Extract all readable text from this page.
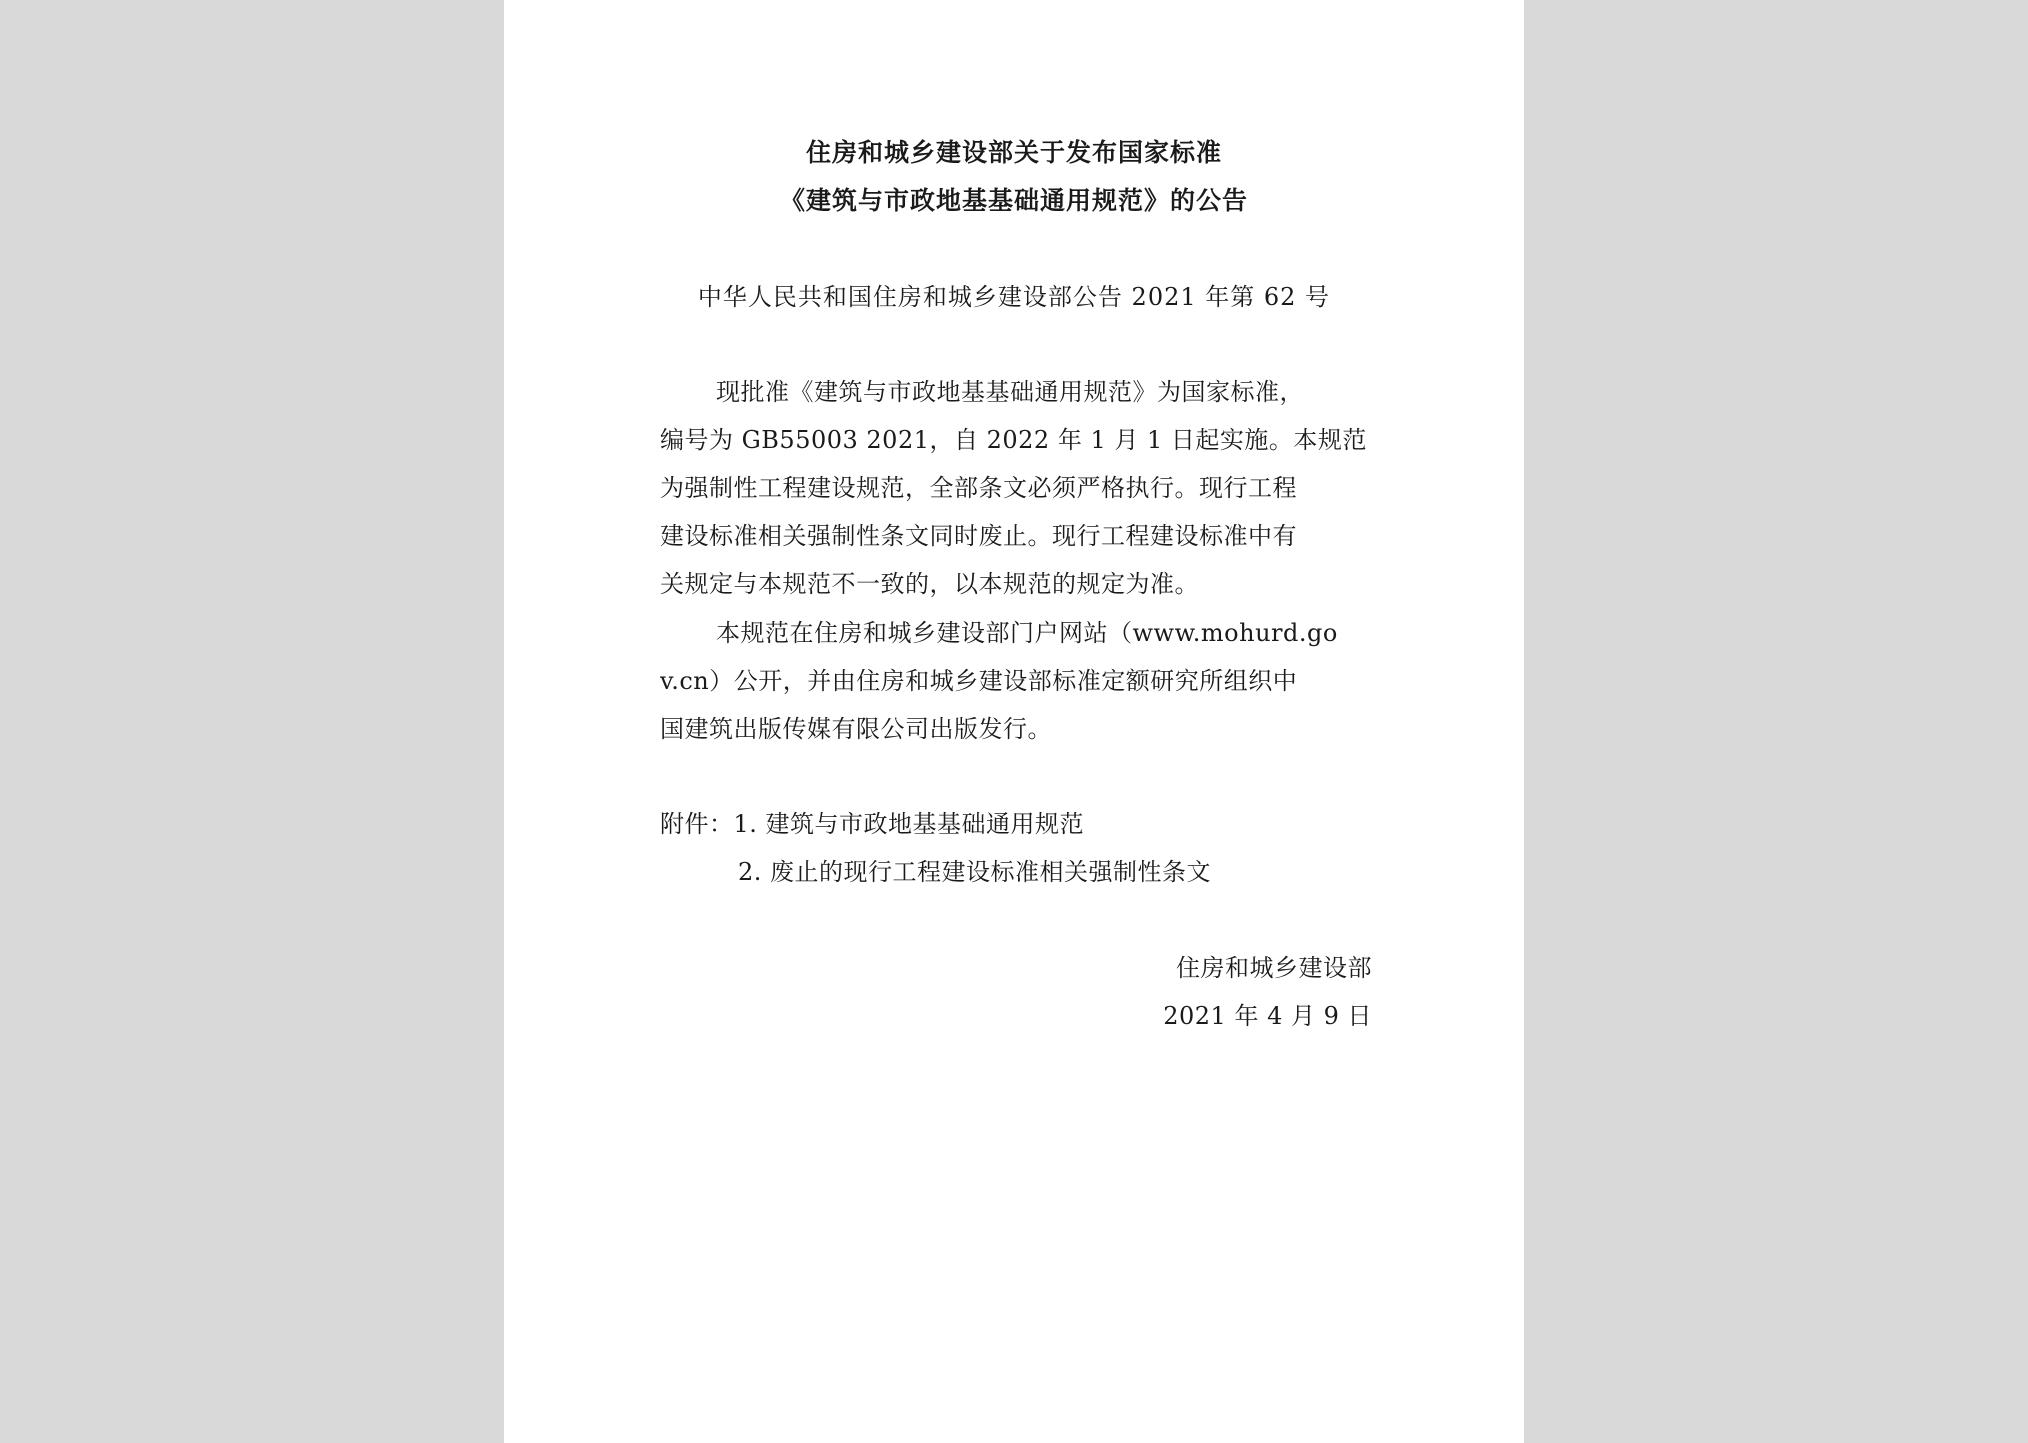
住房和城乡建设部关于发布国家标准
《建筑与市政地基基础通用规范》的公告
中华人民共和国住房和城乡建设部公告 2021 年第 62 号
现批准《建筑与市政地基基础通用规范》为国家标准，
编号为 GB55003 2021，自 2022 年 1 月 1 日起实施。本规范
为强制性工程建设规范，全部条文必须严格执行。现行工程
建设标准相关强制性条文同时废止。现行工程建设标准中有
关规定与本规范不一致的，以本规范的规定为准。
本规范在住房和城乡建设部门户网站（www.mohurd.go
v.cn）公开，并由住房和城乡建设部标准定额研究所组织中
国建筑出版传媒有限公司出版发行。
附件：1. 建筑与市政地基基础通用规范
2. 废止的现行工程建设标准相关强制性条文
住房和城乡建设部
2021 年 4 月 9 日
